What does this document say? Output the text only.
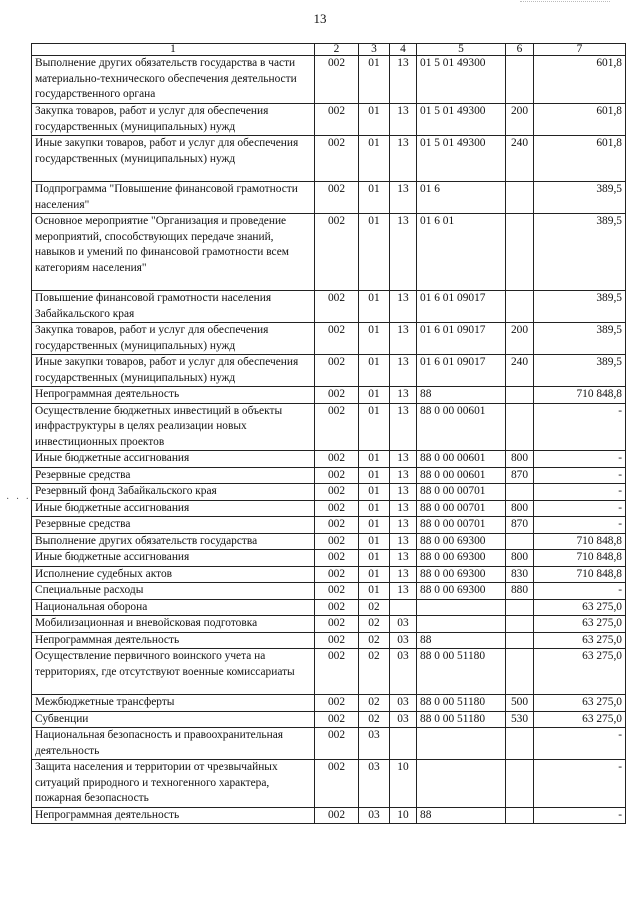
13
1	2	3	4	5	6	7
Выполнение других обязательств государства в части материально-технического обеспечения деятельности государственного органа	002	01	13	01 5 01 49300		601,8
Закупка товаров, работ и услуг для обеспечения государственных (муниципальных) нужд	002	01	13	01 5 01 49300	200	601,8
Иные закупки товаров, работ и услуг для обеспечения государственных (муниципальных) нужд	002	01	13	01 5 01 49300	240	601,8
Подпрограмма "Повышение финансовой грамотности населения"	002	01	13	01 6		389,5
Основное мероприятие "Организация и проведение мероприятий, способствующих передаче знаний, навыков и умений по финансовой грамотности всем категориям населения"	002	01	13	01 6 01		389,5
Повышение финансовой грамотности населения Забайкальского края	002	01	13	01 6 01 09017		389,5
Закупка товаров, работ и услуг для обеспечения государственных (муниципальных) нужд	002	01	13	01 6 01 09017	200	389,5
Иные закупки товаров, работ и услуг для обеспечения государственных (муниципальных) нужд	002	01	13	01 6 01 09017	240	389,5
Непрограммная деятельность	002	01	13	88		710 848,8
Осуществление бюджетных инвестиций в объекты инфраструктуры в целях реализации новых инвестиционных проектов	002	01	13	88 0 00 00601		-
Иные бюджетные ассигнования	002	01	13	88 0 00 00601	800	-
Резервные средства	002	01	13	88 0 00 00601	870	-
Резервный фонд Забайкальского края	002	01	13	88 0 00 00701		-
Иные бюджетные ассигнования	002	01	13	88 0 00 00701	800	-
Резервные средства	002	01	13	88 0 00 00701	870	-
Выполнение других обязательств государства	002	01	13	88 0 00 69300		710 848,8
Иные бюджетные ассигнования	002	01	13	88 0 00 69300	800	710 848,8
Исполнение судебных актов	002	01	13	88 0 00 69300	830	710 848,8
Специальные расходы	002	01	13	88 0 00 69300	880	-
Национальная оборона	002	02				63 275,0
Мобилизационная и вневойсковая подготовка	002	02	03			63 275,0
Непрограммная деятельность	002	02	03	88		63 275,0
Осуществление первичного воинского учета на территориях, где отсутствуют военные комиссариаты	002	02	03	88 0 00 51180		63 275,0
Межбюджетные трансферты	002	02	03	88 0 00 51180	500	63 275,0
Субвенции	002	02	03	88 0 00 51180	530	63 275,0
Национальная безопасность и правоохранительная деятельность	002	03				-
Защита населения и территории от чрезвычайных ситуаций природного и техногенного характера, пожарная безопасность	002	03	10			-
Непрограммная деятельность	002	03	10	88		-
· · ·
